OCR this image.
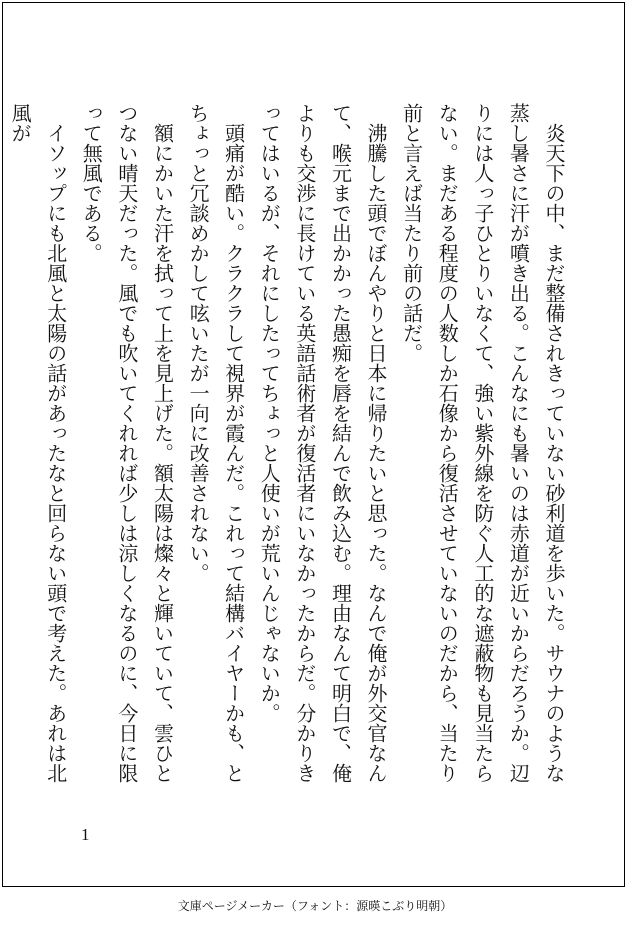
炎天下の中、まだ整備されきっていない砂利道を歩いた。サウナのような蒸し暑さに汗が噴き出る。こんなにも暑いのは赤道が近いからだろうか。辺りには人っ子ひとりいなくて、強い紫外線を防ぐ人工的な遮蔽物も見当たらない。まだある程度の人数しか石像から復活させていないのだから、当たり前と言えば当たり前の話だ。

沸騰した頭でぼんやりと日本に帰りたいと思った。なんで俺が外交官なんて、喉元まで出かかった愚痴を唇を結んで飲み込む。理由なんて明白で、俺よりも交渉に長けている英語話術者が復活者にいなかったからだ。分かりきってはいるが、それにしたってちょっと人使いが荒いんじゃないか。

頭痛が酷い。クラクラして視界が霞んだ。これって結構バイヤーかも、とちょっと冗談めかして呟いたが一向に改善されない。

額にかいた汗を拭って上を見上げた。額太陽は燦々と輝いていて、雲ひとつない晴天だった。風でも吹いてくれれば少しは涼しくなるのに、今日に限って無風である。

イソップにも北風と太陽の話があったなと回らない頭で考えた。あれは北風が

1
文庫ページメーカー（フォント：源暎こぶり明朝）
